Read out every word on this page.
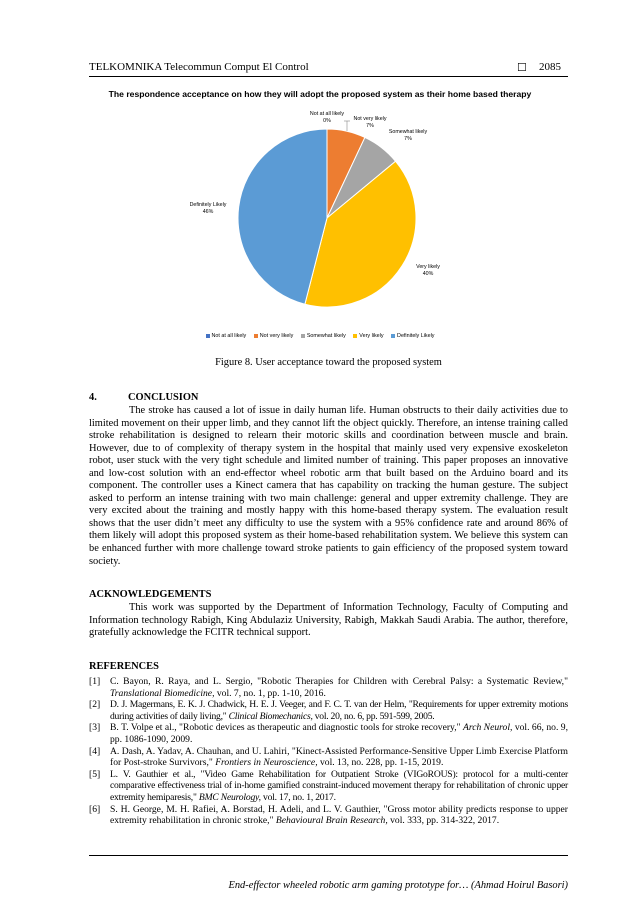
TELKOMNIKA Telecommun Comput El Control	☐ 2085
The respondence acceptance on how they will adopt the proposed system as their home based therapy
Not at all likely
0%	Not very likely
7%
Somewhat likely
7%
Very likely
40%
Definitely Likely
46%
Not at all likely	Not very likely	Somewhat likely	Very likely	Definitely Likely
Figure 8. User acceptance toward the proposed system
4.	CONCLUSION
The stroke has caused a lot of issue in daily human life. Human obstructs to their daily activities due to limited movement on their upper limb, and they cannot lift the object quickly. Therefore, an intense training called stroke rehabilitation is designed to relearn their motoric skills and coordination between muscle and brain. However, due to of complexity of therapy system in the hospital that mainly used very expensive exoskeleton robot, user stuck with the very tight schedule and limited number of training. This paper proposes an innovative and low-cost solution with an end-effector wheel robotic arm that built based on the Arduino board and its component. The controller uses a Kinect camera that has capability on tracking the human gesture. The subject asked to perform an intense training with two main challenge: general and upper extremity challenge. They are very excited about the training and mostly happy with this home-based therapy system. The evaluation result shows that the user didn’t meet any difficulty to use the system with a 95% confidence rate and around 86% of them likely will adopt this proposed system as their home-based rehabilitation system. We believe this system can be enhanced further with more challenge toward stroke patients to gain efficiency of the proposed system toward society.
ACKNOWLEDGEMENTS
This work was supported by the Department of Information Technology, Faculty of Computing and Information technology Rabigh, King Abdulaziz University, Rabigh, Makkah Saudi Arabia. The author, therefore, gratefully acknowledge the FCITR technical support.
REFERENCES
[1]	C. Bayon, R. Raya, and L. Sergio, "Robotic Therapies for Children with Cerebral Palsy: a Systematic Review," Translational Biomedicine, vol. 7, no. 1, pp. 1-10, 2016.
[2]	D. J. Magermans, E. K. J. Chadwick, H. E. J. Veeger, and F. C. T. van der Helm, "Requirements for upper extremity motions during activities of daily living," Clinical Biomechanics, vol. 20, no. 6, pp. 591-599, 2005.
[3]	B. T. Volpe et al., "Robotic devices as therapeutic and diagnostic tools for stroke recovery," Arch Neurol, vol. 66, no. 9, pp. 1086-1090, 2009.
[4]	A. Dash, A. Yadav, A. Chauhan, and U. Lahiri, "Kinect-Assisted Performance-Sensitive Upper Limb Exercise Platform for Post-stroke Survivors," Frontiers in Neuroscience, vol. 13, no. 228, pp. 1-15, 2019.
[5]	L. V. Gauthier et al., "Video Game Rehabilitation for Outpatient Stroke (VIGoROUS): protocol for a multi-center comparative effectiveness trial of in-home gamified constraint-induced movement therapy for rehabilitation of chronic upper extremity hemiparesis," BMC Neurology, vol. 17, no. 1, 2017.
[6]	S. H. George, M. H. Rafiei, A. Borstad, H. Adeli, and L. V. Gauthier, "Gross motor ability predicts response to upper extremity rehabilitation in chronic stroke," Behavioural Brain Research, vol. 333, pp. 314-322, 2017.
End-effector wheeled robotic arm gaming prototype for… (Ahmad Hoirul Basori)
